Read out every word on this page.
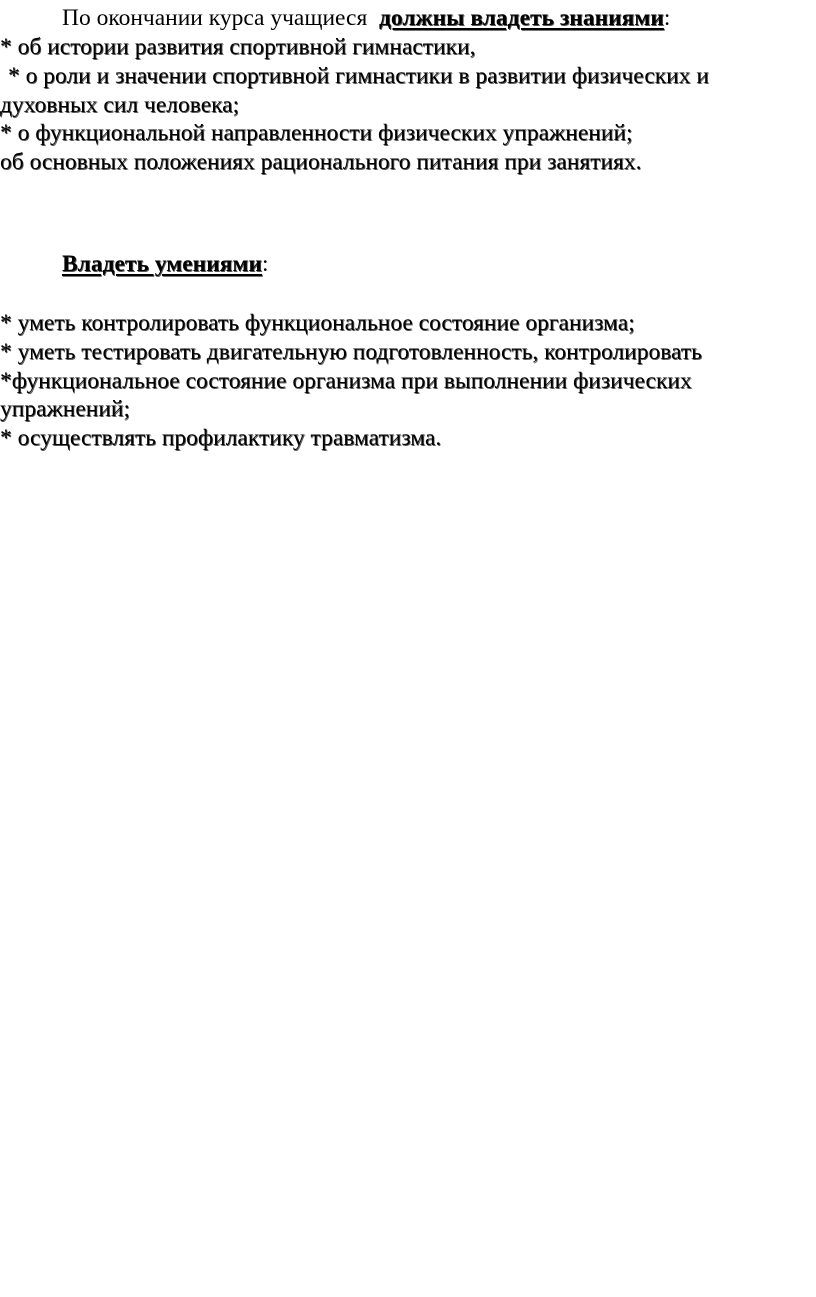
По окончании курса учащиеся должны владеть знаниями:
* об истории развития спортивной гимнастики,
* о роли и значении спортивной гимнастики в развитии физических и
духовных сил человека;
* о функциональной направленности физических упражнений;
об основных положениях рационального питания при занятиях.
Владеть умениями:
* уметь контролировать функциональное состояние организма;
* уметь тестировать двигательную подготовленность, контролировать
*функциональное состояние организма при выполнении физических
упражнений;
* осуществлять профилактику травматизма.
